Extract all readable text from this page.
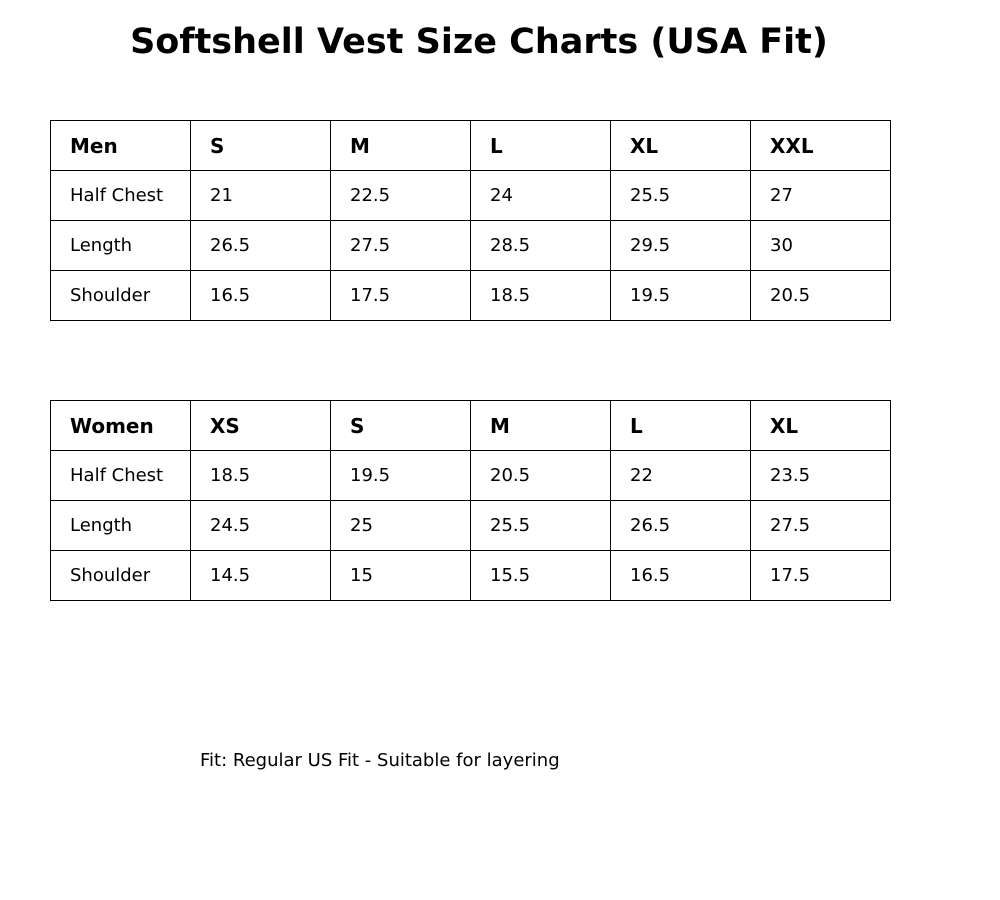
Softshell Vest Size Charts (USA Fit)
Men	S	M	L	XL	XXL
Half Chest	21	22.5	24	25.5	27
Length	26.5	27.5	28.5	29.5	30
Shoulder	16.5	17.5	18.5	19.5	20.5
Women	XS	S	M	L	XL
Half Chest	18.5	19.5	20.5	22	23.5
Length	24.5	25	25.5	26.5	27.5
Shoulder	14.5	15	15.5	16.5	17.5
Fit: Regular US Fit - Suitable for layering
